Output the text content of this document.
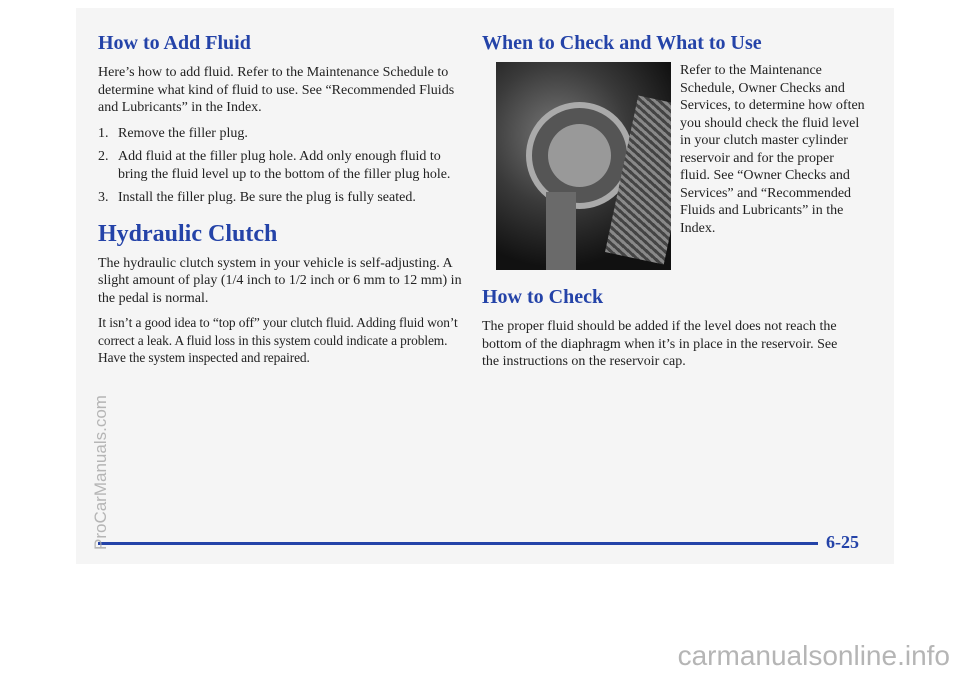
How to Add Fluid

Here’s how to add fluid. Refer to the Maintenance Schedule to determine what kind of fluid to use. See “Recommended Fluids and Lubricants” in the Index.

1. Remove the filler plug.
2. Add fluid at the filler plug hole. Add only enough fluid to bring the fluid level up to the bottom of the filler plug hole.
3. Install the filler plug. Be sure the plug is fully seated.
Hydraulic Clutch

The hydraulic clutch system in your vehicle is self-adjusting. A slight amount of play (1/4 inch to 1/2 inch or 6 mm to 12 mm) in the pedal is normal.

It isn’t a good idea to “top off” your clutch fluid. Adding fluid won’t correct a leak. A fluid loss in this system could indicate a problem. Have the system inspected and repaired.

When to Check and What to Use

Refer to the Maintenance Schedule, Owner Checks and Services, to determine how often you should check the fluid level in your clutch master cylinder reservoir and for the proper fluid. See “Owner Checks and Services” and “Recommended Fluids and Lubricants” in the Index.

How to Check

The proper fluid should be added if the level does not reach the bottom of the diaphragm when it’s in place in the reservoir. See the instructions on the reservoir cap.

6-25
ProCarManuals.com
carmanualsonline.info
